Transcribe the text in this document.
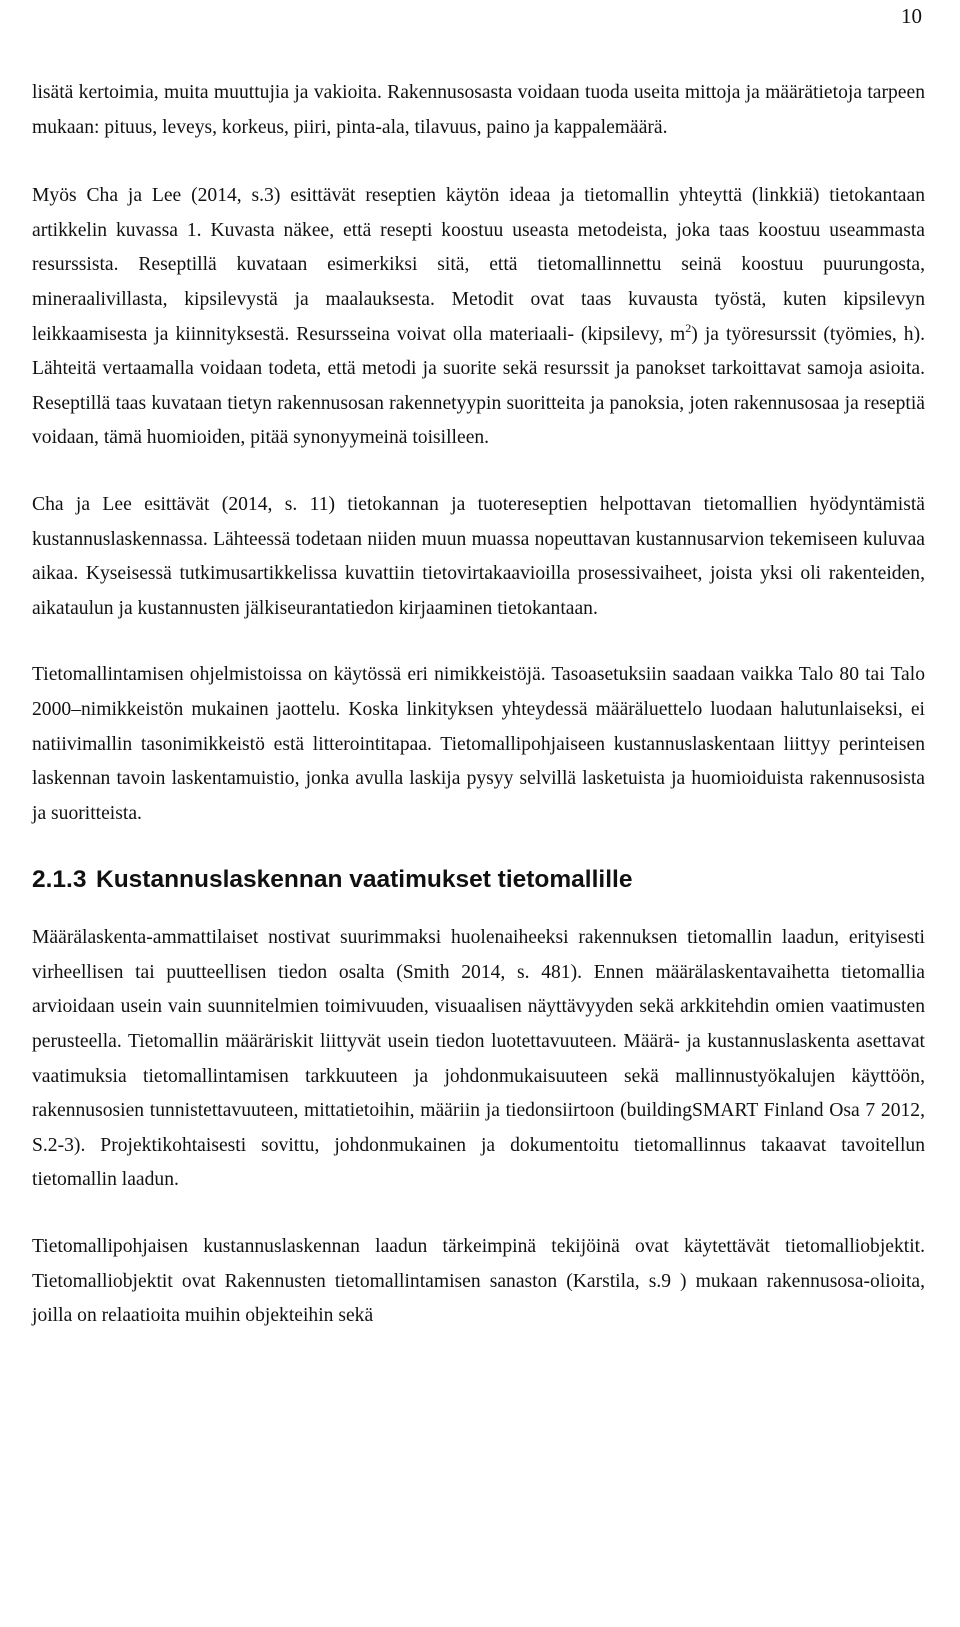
10

lisätä kertoimia, muita muuttujia ja vakioita. Rakennusosasta voidaan tuoda useita mittoja ja määrätietoja tarpeen mukaan: pituus, leveys, korkeus, piiri, pinta-ala, tilavuus, paino ja kappalemäärä.

Myös Cha ja Lee (2014, s.3) esittävät reseptien käytön ideaa ja tietomallin yhteyttä (linkkiä) tietokantaan artikkelin kuvassa 1. Kuvasta näkee, että resepti koostuu useasta metodeista, joka taas koostuu useammasta resurssista. Reseptillä kuvataan esimerkiksi sitä, että tietomallinnettu seinä koostuu puurungosta, mineraalivillasta, kipsilevystä ja maalauksesta. Metodit ovat taas kuvausta työstä, kuten kipsilevyn leikkaamisesta ja kiinnityksestä. Resursseina voivat olla materiaali- (kipsilevy, $m^2$) ja työresurssit (työmies, h). Lähteitä vertaamalla voidaan todeta, että metodi ja suorite sekä resurssit ja panokset tarkoittavat samoja asioita. Reseptillä taas kuvataan tietyn rakennusosan rakennetyypin suoritteita ja panoksia, joten rakennusosaa ja reseptiä voidaan, tämä huomioiden, pitää synonyymeinä toisilleen.

Cha ja Lee esittävät (2014, s. 11) tietokannan ja tuotereseptien helpottavan tietomallien hyödyntämistä kustannuslaskennassa. Lähteessä todetaan niiden muun muassa nopeuttavan kustannusarvion tekemiseen kuluvaa aikaa. Kyseisessä tutkimusartikkelissa kuvattiin tietovirtakaavioilla prosessivaiheet, joista yksi oli rakenteiden, aikataulun ja kustannusten jälkiseurantatiedon kirjaaminen tietokantaan.

Tietomallintamisen ohjelmistoissa on käytössä eri nimikkeistöjä. Tasoasetuksiin saadaan vaikka Talo 80 tai Talo 2000–nimikkeistön mukainen jaottelu. Koska linkityksen yhteydessä määräluettelo luodaan halutunlaiseksi, ei natiivimallin tasonimikkeistö estä litterointitapaa. Tietomallipohjaiseen kustannuslaskentaan liittyy perinteisen laskennan tavoin laskentamuistio, jonka avulla laskija pysyy selvillä lasketuista ja huomioiduista rakennusosista ja suoritteista.

2.1.3 Kustannuslaskennan vaatimukset tietomallille

Määrälaskenta-ammattilaiset nostivat suurimmaksi huolenaiheeksi rakennuksen tietomallin laadun, erityisesti virheellisen tai puutteellisen tiedon osalta (Smith 2014, s. 481). Ennen määrälaskentavaihetta tietomallia arvioidaan usein vain suunnitelmien toimivuuden, visuaalisen näyttävyyden sekä arkkitehdin omien vaatimusten perusteella. Tietomallin määräriskit liittyvät usein tiedon luotettavuuteen. Määrä- ja kustannuslaskenta asettavat vaatimuksia tietomallintamisen tarkkuuteen ja johdonmukaisuuteen sekä mallinnustyökalujen käyttöön, rakennusosien tunnistettavuuteen, mittatietoihin, määriin ja tiedonsiirtoon (buildingSMART Finland Osa 7 2012, S.2-3). Projektikohtaisesti sovittu, johdonmukainen ja dokumentoitu tietomallinnus takaavat tavoitellun tietomallin laadun.

Tietomallipohjaisen kustannuslaskennan laadun tärkeimpinä tekijöinä ovat käytettävät tietomalliobjektit. Tietomalliobjektit ovat Rakennusten tietomallintamisen sanaston (Karstila, s.9 ) mukaan rakennusosa-olioita, joilla on relaatioita muihin objekteihin sekä
